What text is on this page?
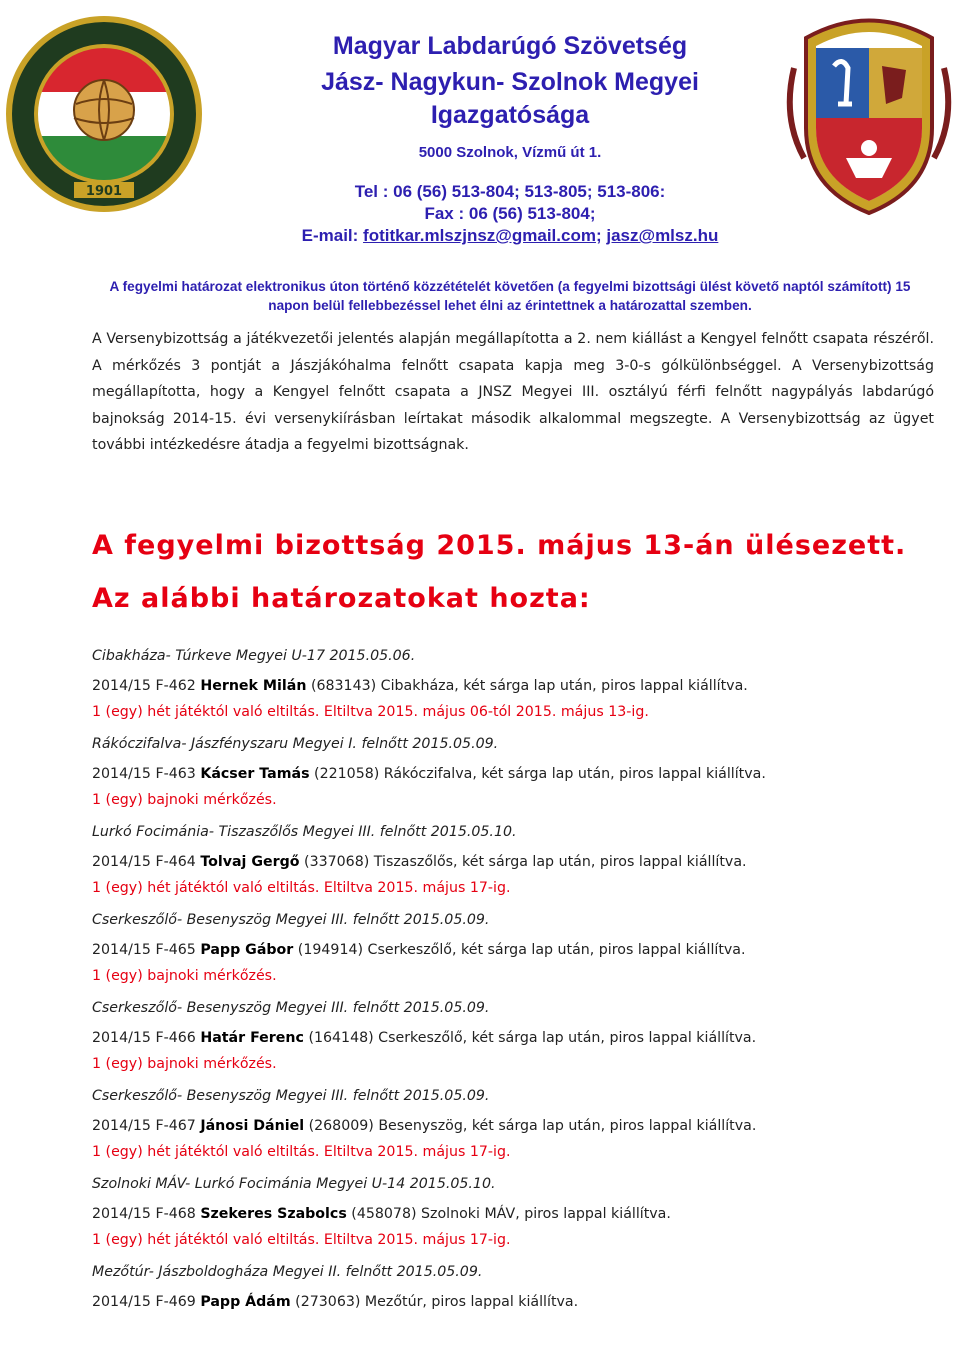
1901
Magyar Labdarúgó Szövetség
Jász- Nagykun- Szolnok Megyei
Igazgatósága
5000 Szolnok, Vízmű út 1.
Tel : 06 (56) 513-804; 513-805; 513-806:
Fax : 06 (56) 513-804;
E-mail: fotitkar.mlszjnsz@gmail.com; jasz@mlsz.hu
A fegyelmi határozat elektronikus úton történő közzétételét követően (a fegyelmi bizottsági ülést követő naptól számított) 15 napon belül fellebbezéssel lehet élni az érintettnek a határozattal szemben.
A Versenybizottság a játékvezetői jelentés alapján megállapította a 2. nem kiállást a Kengyel felnőtt csapata részéről. A mérkőzés 3 pontját a Jászjákóhalma felnőtt csapata kapja meg 3-0-s gólkülönbséggel. A Versenybizottság megállapította, hogy a Kengyel felnőtt csapata a JNSZ Megyei III. osztályú férfi felnőtt nagypályás labdarúgó bajnokság 2014-15. évi versenykiírásban leírtakat második alkalommal megszegte. A Versenybizottság az ügyet további intézkedésre átadja a fegyelmi bizottságnak.
A fegyelmi bizottság 2015. május 13-án ülésezett.
Az alábbi határozatokat hozta:
Cibakháza- Túrkeve Megyei U-17 2015.05.06.
2014/15 F-462 Hernek Milán (683143) Cibakháza, két sárga lap után, piros lappal kiállítva.
1 (egy) hét játéktól való eltiltás. Eltiltva 2015. május 06-tól 2015. május 13-ig.
Rákóczifalva- Jászfényszaru Megyei I. felnőtt 2015.05.09.
2014/15 F-463 Kácser Tamás (221058) Rákóczifalva, két sárga lap után, piros lappal kiállítva.
1 (egy) bajnoki mérkőzés.
Lurkó Focimánia- Tiszaszőlős Megyei III. felnőtt 2015.05.10.
2014/15 F-464 Tolvaj Gergő (337068) Tiszaszőlős, két sárga lap után, piros lappal kiállítva.
1 (egy) hét játéktól való eltiltás. Eltiltva 2015. május 17-ig.
Cserkeszőlő- Besenyszög Megyei III. felnőtt 2015.05.09.
2014/15 F-465 Papp Gábor (194914) Cserkeszőlő, két sárga lap után, piros lappal kiállítva.
1 (egy) bajnoki mérkőzés.
Cserkeszőlő- Besenyszög Megyei III. felnőtt 2015.05.09.
2014/15 F-466 Határ Ferenc (164148) Cserkeszőlő, két sárga lap után, piros lappal kiállítva.
1 (egy) bajnoki mérkőzés.
Cserkeszőlő- Besenyszög Megyei III. felnőtt 2015.05.09.
2014/15 F-467 Jánosi Dániel (268009) Besenyszög, két sárga lap után, piros lappal kiállítva.
1 (egy) hét játéktól való eltiltás. Eltiltva 2015. május 17-ig.
Szolnoki MÁV- Lurkó Focimánia Megyei U-14 2015.05.10.
2014/15 F-468 Szekeres Szabolcs (458078) Szolnoki MÁV, piros lappal kiállítva.
1 (egy) hét játéktól való eltiltás. Eltiltva 2015. május 17-ig.
Mezőtúr- Jászboldogháza Megyei II. felnőtt 2015.05.09.
2014/15 F-469 Papp Ádám (273063) Mezőtúr, piros lappal kiállítva.
